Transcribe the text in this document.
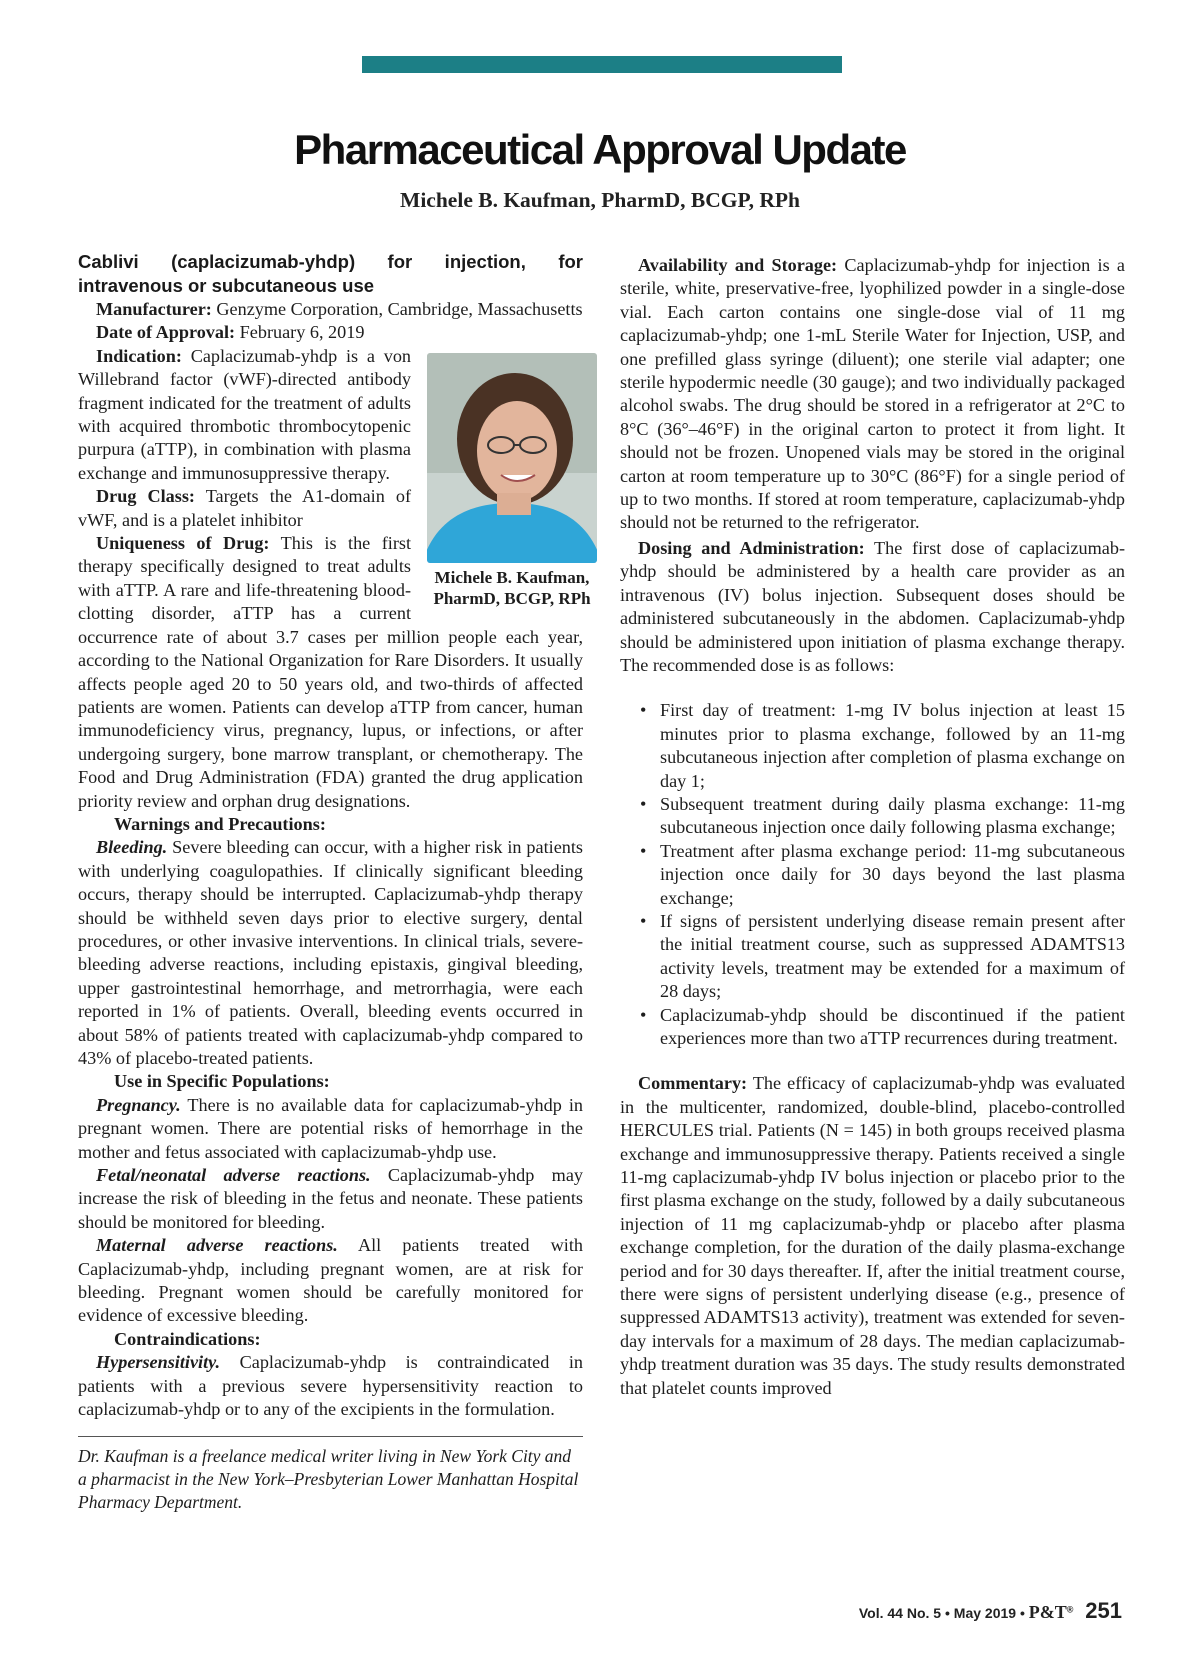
Pharmaceutical Approval Update
Michele B. Kaufman, PharmD, BCGP, RPh

Cablivi (caplacizumab-yhdp) for injection, for intravenous or subcutaneous use

Manufacturer: Genzyme Corporation, Cambridge, Massachusetts

Date of Approval: February 6, 2019

Michele B. Kaufman, PharmD, BCGP, RPh

Indication: Caplacizumab-yhdp is a von Willebrand factor (vWF)-directed antibody fragment indicated for the treatment of adults with acquired thrombotic thrombocytopenic purpura (aTTP), in combination with plasma exchange and immunosuppressive therapy.

Drug Class: Targets the A1-domain of vWF, and is a platelet inhibitor

Uniqueness of Drug: This is the first therapy specifically designed to treat adults with aTTP. A rare and life-threatening blood-clotting disorder, aTTP has a current occurrence rate of about 3.7 cases per million people each year, according to the National Organization for Rare Disorders. It usually affects people aged 20 to 50 years old, and two-thirds of affected patients are women. Patients can develop aTTP from cancer, human immunodeficiency virus, pregnancy, lupus, or infections, or after undergoing surgery, bone marrow transplant, or chemotherapy. The Food and Drug Administration (FDA) granted the drug application priority review and orphan drug designations.

Warnings and Precautions:

Bleeding. Severe bleeding can occur, with a higher risk in patients with underlying coagulopathies. If clinically significant bleeding occurs, therapy should be interrupted. Caplacizumab-yhdp therapy should be withheld seven days prior to elective surgery, dental procedures, or other invasive interventions. In clinical trials, severe-bleeding adverse reactions, including epistaxis, gingival bleeding, upper gastrointestinal hemorrhage, and metrorrhagia, were each reported in 1% of patients. Overall, bleeding events occurred in about 58% of patients treated with caplacizumab-yhdp compared to 43% of placebo-treated patients.

Use in Specific Populations:

Pregnancy. There is no available data for caplacizumab-yhdp in pregnant women. There are potential risks of hemorrhage in the mother and fetus associated with caplacizumab-yhdp use.

Fetal/neonatal adverse reactions. Caplacizumab-yhdp may increase the risk of bleeding in the fetus and neonate. These patients should be monitored for bleeding.

Maternal adverse reactions. All patients treated with Caplacizumab-yhdp, including pregnant women, are at risk for bleeding. Pregnant women should be carefully monitored for evidence of excessive bleeding.

Contraindications:

Hypersensitivity. Caplacizumab-yhdp is contraindicated in patients with a previous severe hypersensitivity reaction to caplacizumab-yhdp or to any of the excipients in the formulation.

Dr. Kaufman is a freelance medical writer living in New York City and a pharmacist in the New York–Presbyterian Lower Manhattan Hospital Pharmacy Department.

Availability and Storage: Caplacizumab-yhdp for injection is a sterile, white, preservative-free, lyophilized powder in a single-dose vial. Each carton contains one single-dose vial of 11 mg caplacizumab-yhdp; one 1-mL Sterile Water for Injection, USP, and one prefilled glass syringe (diluent); one sterile vial adapter; one sterile hypodermic needle (30 gauge); and two individually packaged alcohol swabs. The drug should be stored in a refrigerator at 2°C to 8°C (36°–46°F) in the original carton to protect it from light. It should not be frozen. Unopened vials may be stored in the original carton at room temperature up to 30°C (86°F) for a single period of up to two months. If stored at room temperature, caplacizumab-yhdp should not be returned to the refrigerator.

Dosing and Administration: The first dose of caplacizumab-yhdp should be administered by a health care provider as an intravenous (IV) bolus injection. Subsequent doses should be administered subcutaneously in the abdomen. Caplacizumab-yhdp should be administered upon initiation of plasma exchange therapy. The recommended dose is as follows:

• First day of treatment: 1-mg IV bolus injection at least 15 minutes prior to plasma exchange, followed by an 11-mg subcutaneous injection after completion of plasma exchange on day 1;
• Subsequent treatment during daily plasma exchange: 11-mg subcutaneous injection once daily following plasma exchange;
• Treatment after plasma exchange period: 11-mg subcutaneous injection once daily for 30 days beyond the last plasma exchange;
• If signs of persistent underlying disease remain present after the initial treatment course, such as suppressed ADAMTS13 activity levels, treatment may be extended for a maximum of 28 days;
• Caplacizumab-yhdp should be discontinued if the patient experiences more than two aTTP recurrences during treatment.

Commentary: The efficacy of caplacizumab-yhdp was evaluated in the multicenter, randomized, double-blind, placebo-controlled HERCULES trial. Patients (N = 145) in both groups received plasma exchange and immunosuppressive therapy. Patients received a single 11-mg caplacizumab-yhdp IV bolus injection or placebo prior to the first plasma exchange on the study, followed by a daily subcutaneous injection of 11 mg caplacizumab-yhdp or placebo after plasma exchange completion, for the duration of the daily plasma-exchange period and for 30 days thereafter. If, after the initial treatment course, there were signs of persistent underlying disease (e.g., presence of suppressed ADAMTS13 activity), treatment was extended for seven-day intervals for a maximum of 28 days. The median caplacizumab-yhdp treatment duration was 35 days. The study results demonstrated that platelet counts improved

Vol. 44 No. 5 • May 2019 • P&T® 251
